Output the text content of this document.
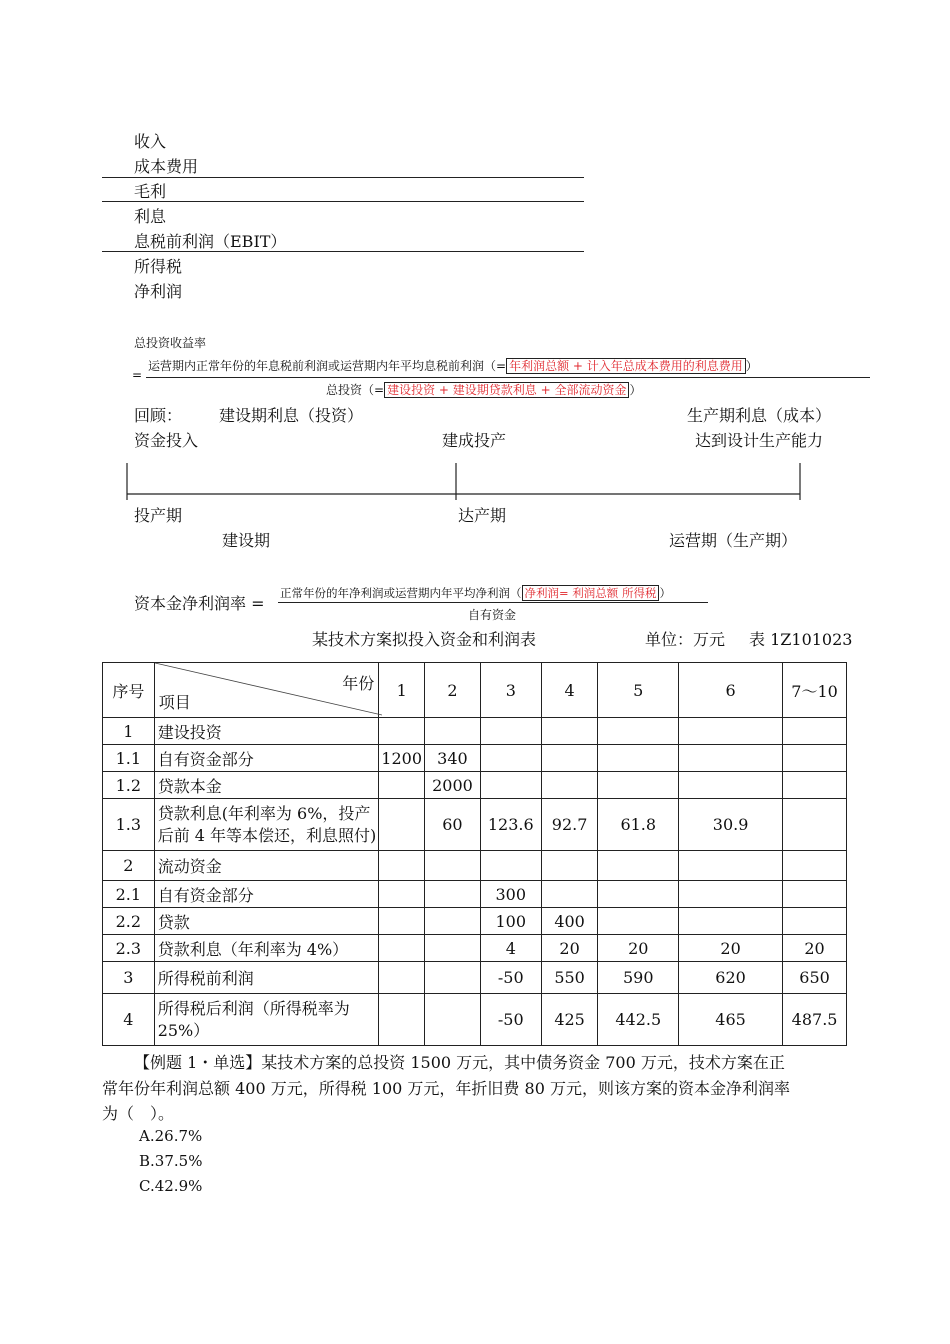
收入
成本费用
毛利
利息
息税前利润（EBIT）
所得税
净利润
总投资收益率
=
运营期内正常年份的年息税前利润或运营期内年平均息税前利润（= 年利润总额 + 计入年总成本费用的利息费用 ）
总投资（= 建设投资 + 建设期贷款利息 + 全部流动资金 ）
回顾： 建设期利息（投资）	生产期利息（成本）
资金投入	建成投产	达到设计生产能力
投产期	达产期
建设期	运营期（生产期）
资本金净利润率 =
正常年份的年净利润或运营期内年平均净利润（ 净利润= 利润总额 所得税 ）
自有资金
某技术方案拟投入资金和利润表	单位：万元 表 1Z101023
序号	年份
项目	1	2	3	4	5	6	7～10
1	建设投资							
1.1	自有资金部分	1200	340					
1.2	贷款本金		2000					
1.3	贷款利息(年利率为 6%，投产
后前 4 年等本偿还，利息照付)		60	123.6	92.7	61.8	30.9	
2	流动资金							
2.1	自有资金部分			300				
2.2	贷款			100	400			
2.3	贷款利息（年利率为 4%）			4	20	20	20	20
3	所得税前利润			-50	550	590	620	650
4	所得税后利润（所得税率为
25%）			-50	425	442.5	465	487.5
【例题 1・单选】某技术方案的总投资 1500 万元，其中债务资金 700 万元，技术方案在正
常年份年利润总额 400 万元，所得税 100 万元，年折旧费 80 万元，则该方案的资本金净利润率
为（　）。
A.26.7%
B.37.5%
C.42.9%
